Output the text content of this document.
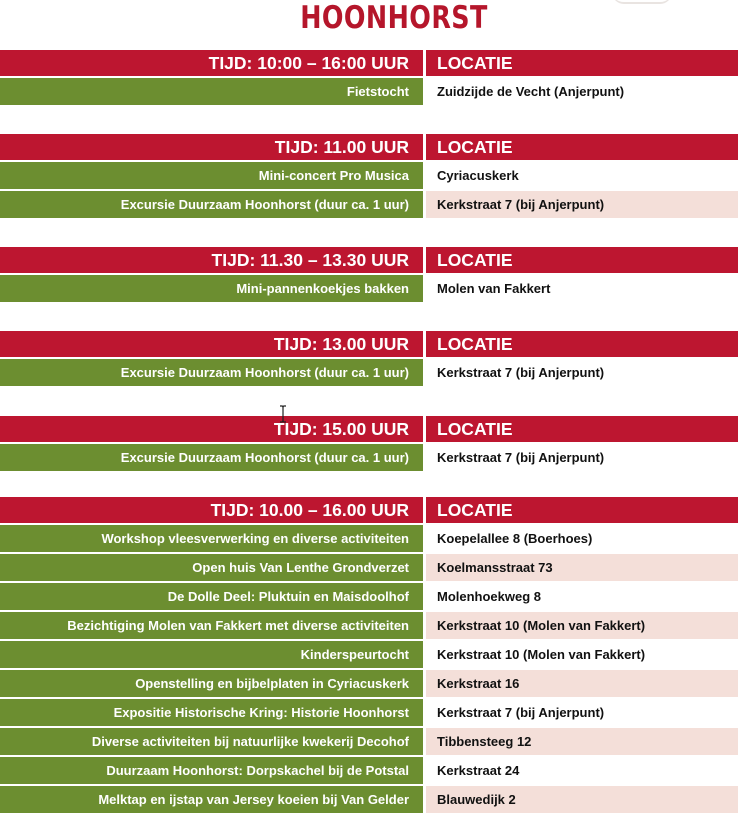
HOONHORST
TIJD: 10:00 – 16:00 UUR	LOCATIE
Fietstocht	Zuidzijde de Vecht (Anjerpunt)
TIJD: 11.00 UUR	LOCATIE
Mini-concert Pro Musica	Cyriacuskerk
Excursie Duurzaam Hoonhorst (duur ca. 1 uur)	Kerkstraat 7 (bij Anjerpunt)
TIJD: 11.30 – 13.30 UUR	LOCATIE
Mini-pannenkoekjes bakken	Molen van Fakkert
TIJD: 13.00 UUR	LOCATIE
Excursie Duurzaam Hoonhorst (duur ca. 1 uur)	Kerkstraat 7 (bij Anjerpunt)
TIJD: 15.00 UUR	LOCATIE
Excursie Duurzaam Hoonhorst (duur ca. 1 uur)	Kerkstraat 7 (bij Anjerpunt)
TIJD: 10.00 – 16.00 UUR	LOCATIE
Workshop vleesverwerking en diverse activiteiten	Koepelallee 8 (Boerhoes)
Open huis Van Lenthe Grondverzet	Koelmansstraat 73
De Dolle Deel: Pluktuin en Maisdoolhof	Molenhoekweg 8
Bezichtiging Molen van Fakkert met diverse activiteiten	Kerkstraat 10 (Molen van Fakkert)
Kinderspeurtocht	Kerkstraat 10 (Molen van Fakkert)
Openstelling en bijbelplaten in Cyriacuskerk	Kerkstraat 16
Expositie Historische Kring: Historie Hoonhorst	Kerkstraat 7 (bij Anjerpunt)
Diverse activiteiten bij natuurlijke kwekerij Decohof	Tibbensteeg 12
Duurzaam Hoonhorst: Dorpskachel bij de Potstal	Kerkstraat 24
Melktap en ijstap van Jersey koeien bij Van Gelder	Blauwedijk 2
